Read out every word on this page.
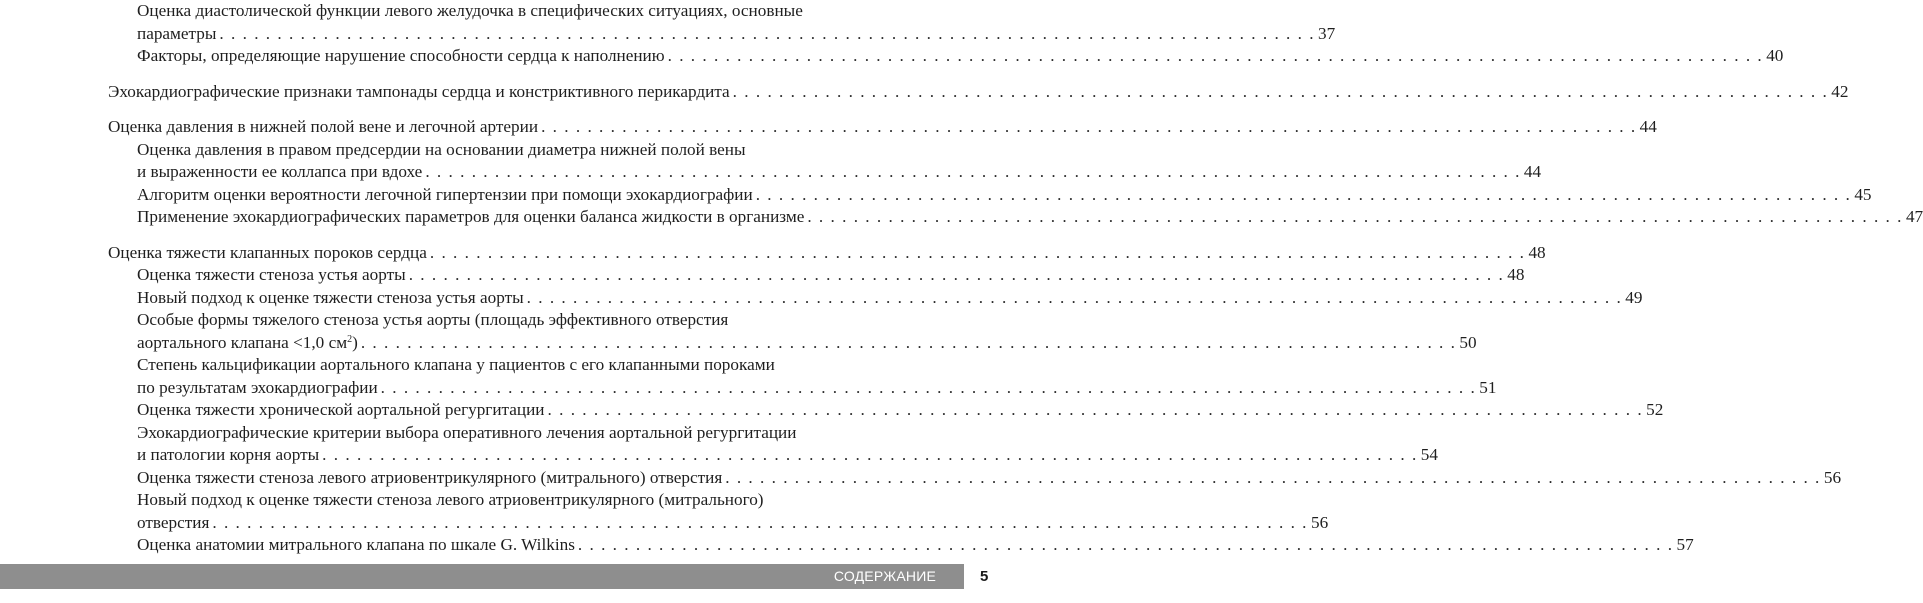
Оценка диастолической функции левого желудочка в специфических ситуациях, основные
параметры . . . . . . . . . . . . . . . . . . . . . . . . . . . . . . . . . . . . . . . . . . . . . . . . . . . . . . . . . . . . . . . . . . . . . . . . . . . . . . . . . . . . . . . . . . . . . . . 37
Факторы, определяющие нарушение способности сердца к наполнению . . . . . . . . . . . . . . . . . . . . . . . . . . . . . . . . . . . . . . . . . . . . . . . . . . . . . . . . . . . . . . . . . . . . . . . . . . . . . . . . . . . . . . . . . . . . . . . 40
Эхокардиографические признаки тампонады сердца и констриктивного перикардита . . . . . . . . . . . . . . . . . . . . . . . . . . . . . . . . . . . . . . . . . . . . . . . . . . . . . . . . . . . . . . . . . . . . . . . . . . . . . . . . . . . . . . . . . . . . . . . 42
Оценка давления в нижней полой вене и легочной артерии . . . . . . . . . . . . . . . . . . . . . . . . . . . . . . . . . . . . . . . . . . . . . . . . . . . . . . . . . . . . . . . . . . . . . . . . . . . . . . . . . . . . . . . . . . . . . . . 44
Оценка давления в правом предсердии на основании диаметра нижней полой вены
и выраженности ее коллапса при вдохе . . . . . . . . . . . . . . . . . . . . . . . . . . . . . . . . . . . . . . . . . . . . . . . . . . . . . . . . . . . . . . . . . . . . . . . . . . . . . . . . . . . . . . . . . . . . . . . 44
Алгоритм оценки вероятности легочной гипертензии при помощи эхокардиографии . . . . . . . . . . . . . . . . . . . . . . . . . . . . . . . . . . . . . . . . . . . . . . . . . . . . . . . . . . . . . . . . . . . . . . . . . . . . . . . . . . . . . . . . . . . . . . . 45
Применение эхокардиографических параметров для оценки баланса жидкости в организме . . . . . . . . . . . . . . . . . . . . . . . . . . . . . . . . . . . . . . . . . . . . . . . . . . . . . . . . . . . . . . . . . . . . . . . . . . . . . . . . . . . . . . . . . . . . . . . 47
Оценка тяжести клапанных пороков сердца . . . . . . . . . . . . . . . . . . . . . . . . . . . . . . . . . . . . . . . . . . . . . . . . . . . . . . . . . . . . . . . . . . . . . . . . . . . . . . . . . . . . . . . . . . . . . . . 48
Оценка тяжести стеноза устья аорты . . . . . . . . . . . . . . . . . . . . . . . . . . . . . . . . . . . . . . . . . . . . . . . . . . . . . . . . . . . . . . . . . . . . . . . . . . . . . . . . . . . . . . . . . . . . . . . 48
Новый подход к оценке тяжести стеноза устья аорты . . . . . . . . . . . . . . . . . . . . . . . . . . . . . . . . . . . . . . . . . . . . . . . . . . . . . . . . . . . . . . . . . . . . . . . . . . . . . . . . . . . . . . . . . . . . . . . 49
Особые формы тяжелого стеноза устья аорты (площадь эффективного отверстия
аортального клапана <1,0 $см^2$) . . . . . . . . . . . . . . . . . . . . . . . . . . . . . . . . . . . . . . . . . . . . . . . . . . . . . . . . . . . . . . . . . . . . . . . . . . . . . . . . . . . . . . . . . . . . . . . 50
Степень кальцификации аортального клапана у пациентов с его клапанными пороками
по результатам эхокардиографии . . . . . . . . . . . . . . . . . . . . . . . . . . . . . . . . . . . . . . . . . . . . . . . . . . . . . . . . . . . . . . . . . . . . . . . . . . . . . . . . . . . . . . . . . . . . . . . 51
Оценка тяжести хронической аортальной регургитации . . . . . . . . . . . . . . . . . . . . . . . . . . . . . . . . . . . . . . . . . . . . . . . . . . . . . . . . . . . . . . . . . . . . . . . . . . . . . . . . . . . . . . . . . . . . . . . 52
Эхокардиографические критерии выбора оперативного лечения аортальной регургитации
и патологии корня аорты . . . . . . . . . . . . . . . . . . . . . . . . . . . . . . . . . . . . . . . . . . . . . . . . . . . . . . . . . . . . . . . . . . . . . . . . . . . . . . . . . . . . . . . . . . . . . . . 54
Оценка тяжести стеноза левого атриовентрикулярного (митрального) отверстия . . . . . . . . . . . . . . . . . . . . . . . . . . . . . . . . . . . . . . . . . . . . . . . . . . . . . . . . . . . . . . . . . . . . . . . . . . . . . . . . . . . . . . . . . . . . . . . 56
Новый подход к оценке тяжести стеноза левого атриовентрикулярного (митрального)
отверстия . . . . . . . . . . . . . . . . . . . . . . . . . . . . . . . . . . . . . . . . . . . . . . . . . . . . . . . . . . . . . . . . . . . . . . . . . . . . . . . . . . . . . . . . . . . . . . . 56
Оценка анатомии митрального клапана по шкале G. Wilkins . . . . . . . . . . . . . . . . . . . . . . . . . . . . . . . . . . . . . . . . . . . . . . . . . . . . . . . . . . . . . . . . . . . . . . . . . . . . . . . . . . . . . . . . . . . . . . . 57
СОДЕРЖАНИЕ	5
